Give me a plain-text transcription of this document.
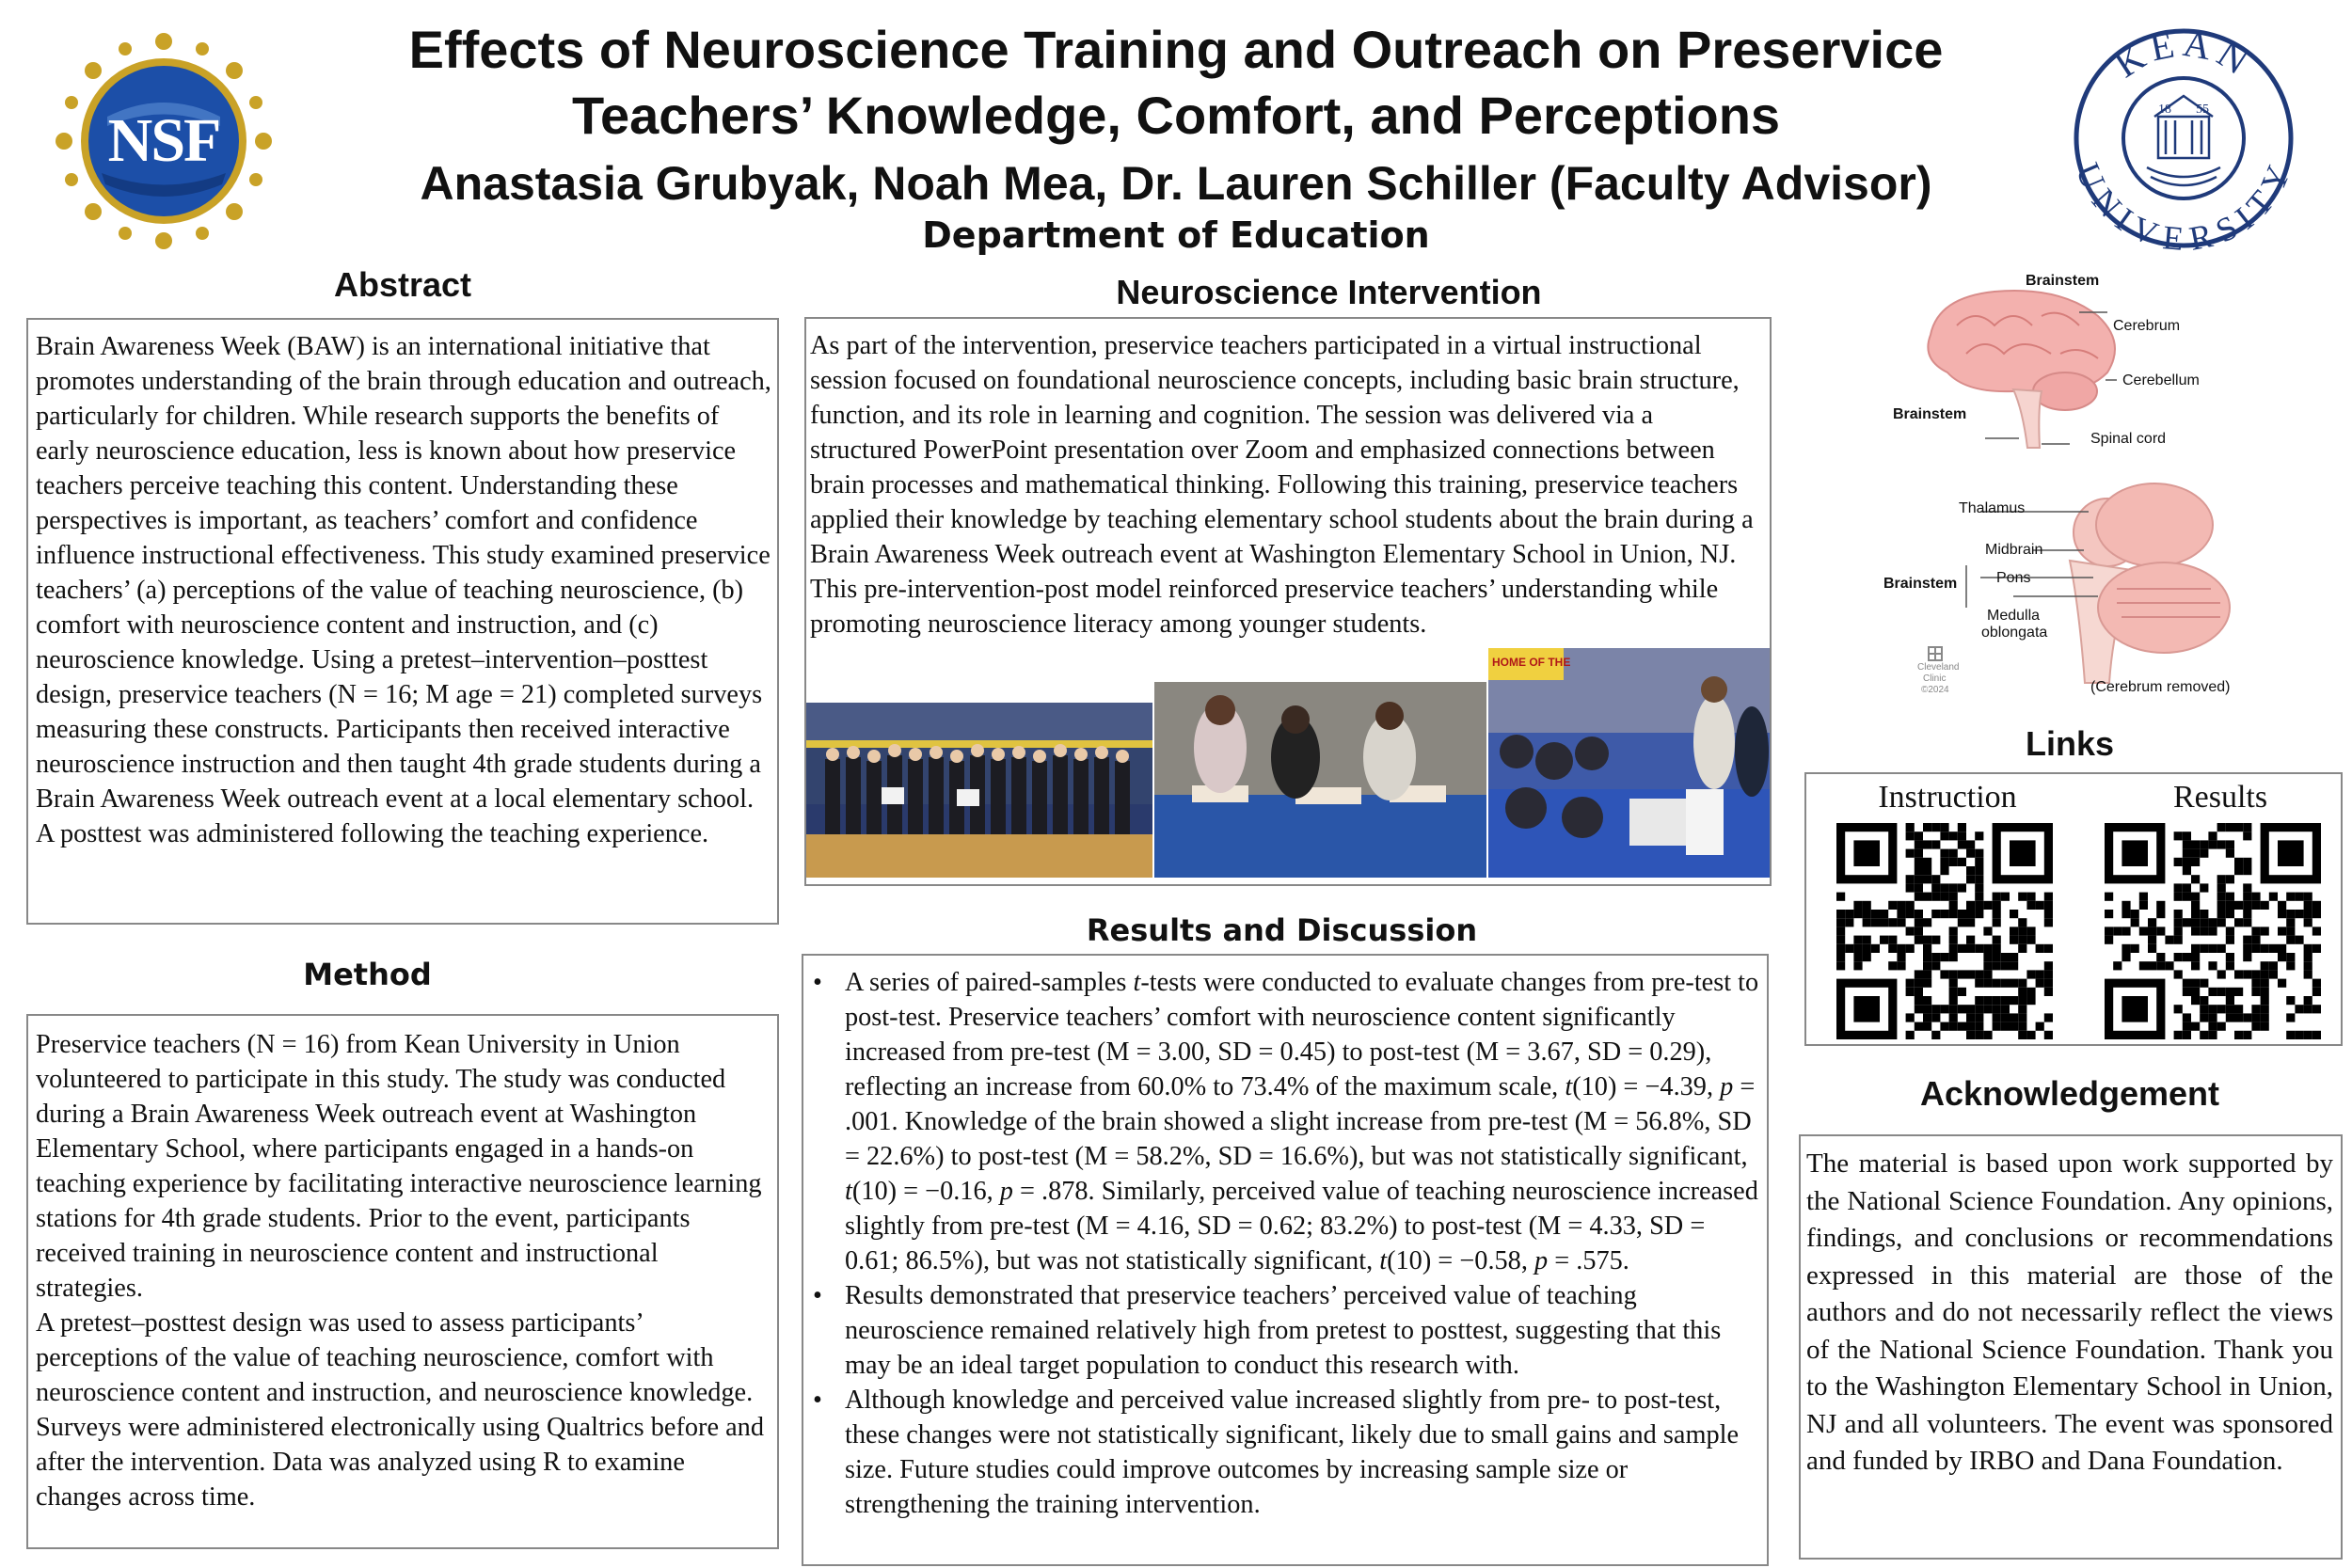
NSF
Effects of Neuroscience Training and Outreach on Preservice
Teachers’ Knowledge, Comfort, and Perceptions
Anastasia Grubyak, Noah Mea, Dr. Lauren Schiller (Faculty Advisor)
Department of Education
18 55
KEAN
UNIVERSITY
Abstract
Brain Awareness Week (BAW) is an international initiative that promotes understanding of the brain through education and outreach, particularly for children. While research supports the benefits of early neuroscience education, less is known about how preservice teachers perceive teaching this content. Understanding these perspectives is important, as teachers’ comfort and confidence influence instructional effectiveness. This study examined preservice teachers’ (a) perceptions of the value of teaching neuroscience, (b) comfort with neuroscience content and instruction, and (c) neuroscience knowledge. Using a pretest–intervention–posttest design, preservice teachers (N = 16; M age = 21) completed surveys measuring these constructs. Participants then received interactive neuroscience instruction and then taught 4th grade students during a Brain Awareness Week outreach event at a local elementary school. A posttest was administered following the teaching experience.
Method
Preservice teachers (N = 16) from Kean University in Union volunteered to participate in this study. The study was conducted during a Brain Awareness Week outreach event at Washington Elementary School, where participants engaged in a hands-on teaching experience by facilitating interactive neuroscience learning stations for 4th grade students. Prior to the event, participants received training in neuroscience content and instructional strategies.
A pretest–posttest design was used to assess participants’ perceptions of the value of teaching neuroscience, comfort with neuroscience content and instruction, and neuroscience knowledge. Surveys were administered electronically using Qualtrics before and after the intervention. Data was analyzed using R to examine changes across time.
Neuroscience Intervention
As part of the intervention, preservice teachers participated in a virtual instructional session focused on foundational neuroscience concepts, including basic brain structure, function, and its role in learning and cognition. The session was delivered via a structured PowerPoint presentation over Zoom and emphasized connections between brain processes and mathematical thinking. Following this training, preservice teachers applied their knowledge by teaching elementary school students about the brain during a Brain Awareness Week outreach event at Washington Elementary School in Union, NJ. This pre-intervention-post model reinforced preservice teachers’ understanding while promoting neuroscience literacy among younger students.
HOME OF THE
Results and Discussion
• A series of paired-samples t-tests were conducted to evaluate changes from pre-test to post-test. Preservice teachers’ comfort with neuroscience content significantly increased from pre-test (M = 3.00, SD = 0.45) to post-test (M = 3.67, SD = 0.29), reflecting an increase from 60.0% to 73.4% of the maximum scale, t(10) = −4.39, p = .001. Knowledge of the brain showed a slight increase from pre-test (M = 56.8%, SD = 22.6%) to post-test (M = 58.2%, SD = 16.6%), but was not statistically significant, t(10) = −0.16, p = .878. Similarly, perceived value of teaching neuroscience increased slightly from pre-test (M = 4.16, SD = 0.62; 83.2%) to post-test (M = 4.33, SD = 0.61; 86.5%), but was not statistically significant, t(10) = −0.58, p = .575.
• Results demonstrated that preservice teachers’ perceived value of teaching neuroscience remained relatively high from pretest to posttest, suggesting that this may be an ideal target population to conduct this research with.
• Although knowledge and perceived value increased slightly from pre- to post-test, these changes were not statistically significant, likely due to small gains and sample size. Future studies could improve outcomes by increasing sample size or strengthening the training intervention.
Brainstem
Cerebrum
Cerebellum
Brainstem
Spinal cord
Thalamus
Midbrain
Brainstem	Pons
Medulla
oblongata
Cleveland
Clinic
©2024	(Cerebrum removed)
Links
Instruction	Results
Acknowledgement
The material is based upon work supported by the National Science Foundation. Any opinions, findings, and conclusions or recommendations expressed in this material are those of the authors and do not necessarily reflect the views of the National Science Foundation. Thank you to the Washington Elementary School in Union, NJ and all volunteers. The event was sponsored and funded by IRBO and Dana Foundation.
